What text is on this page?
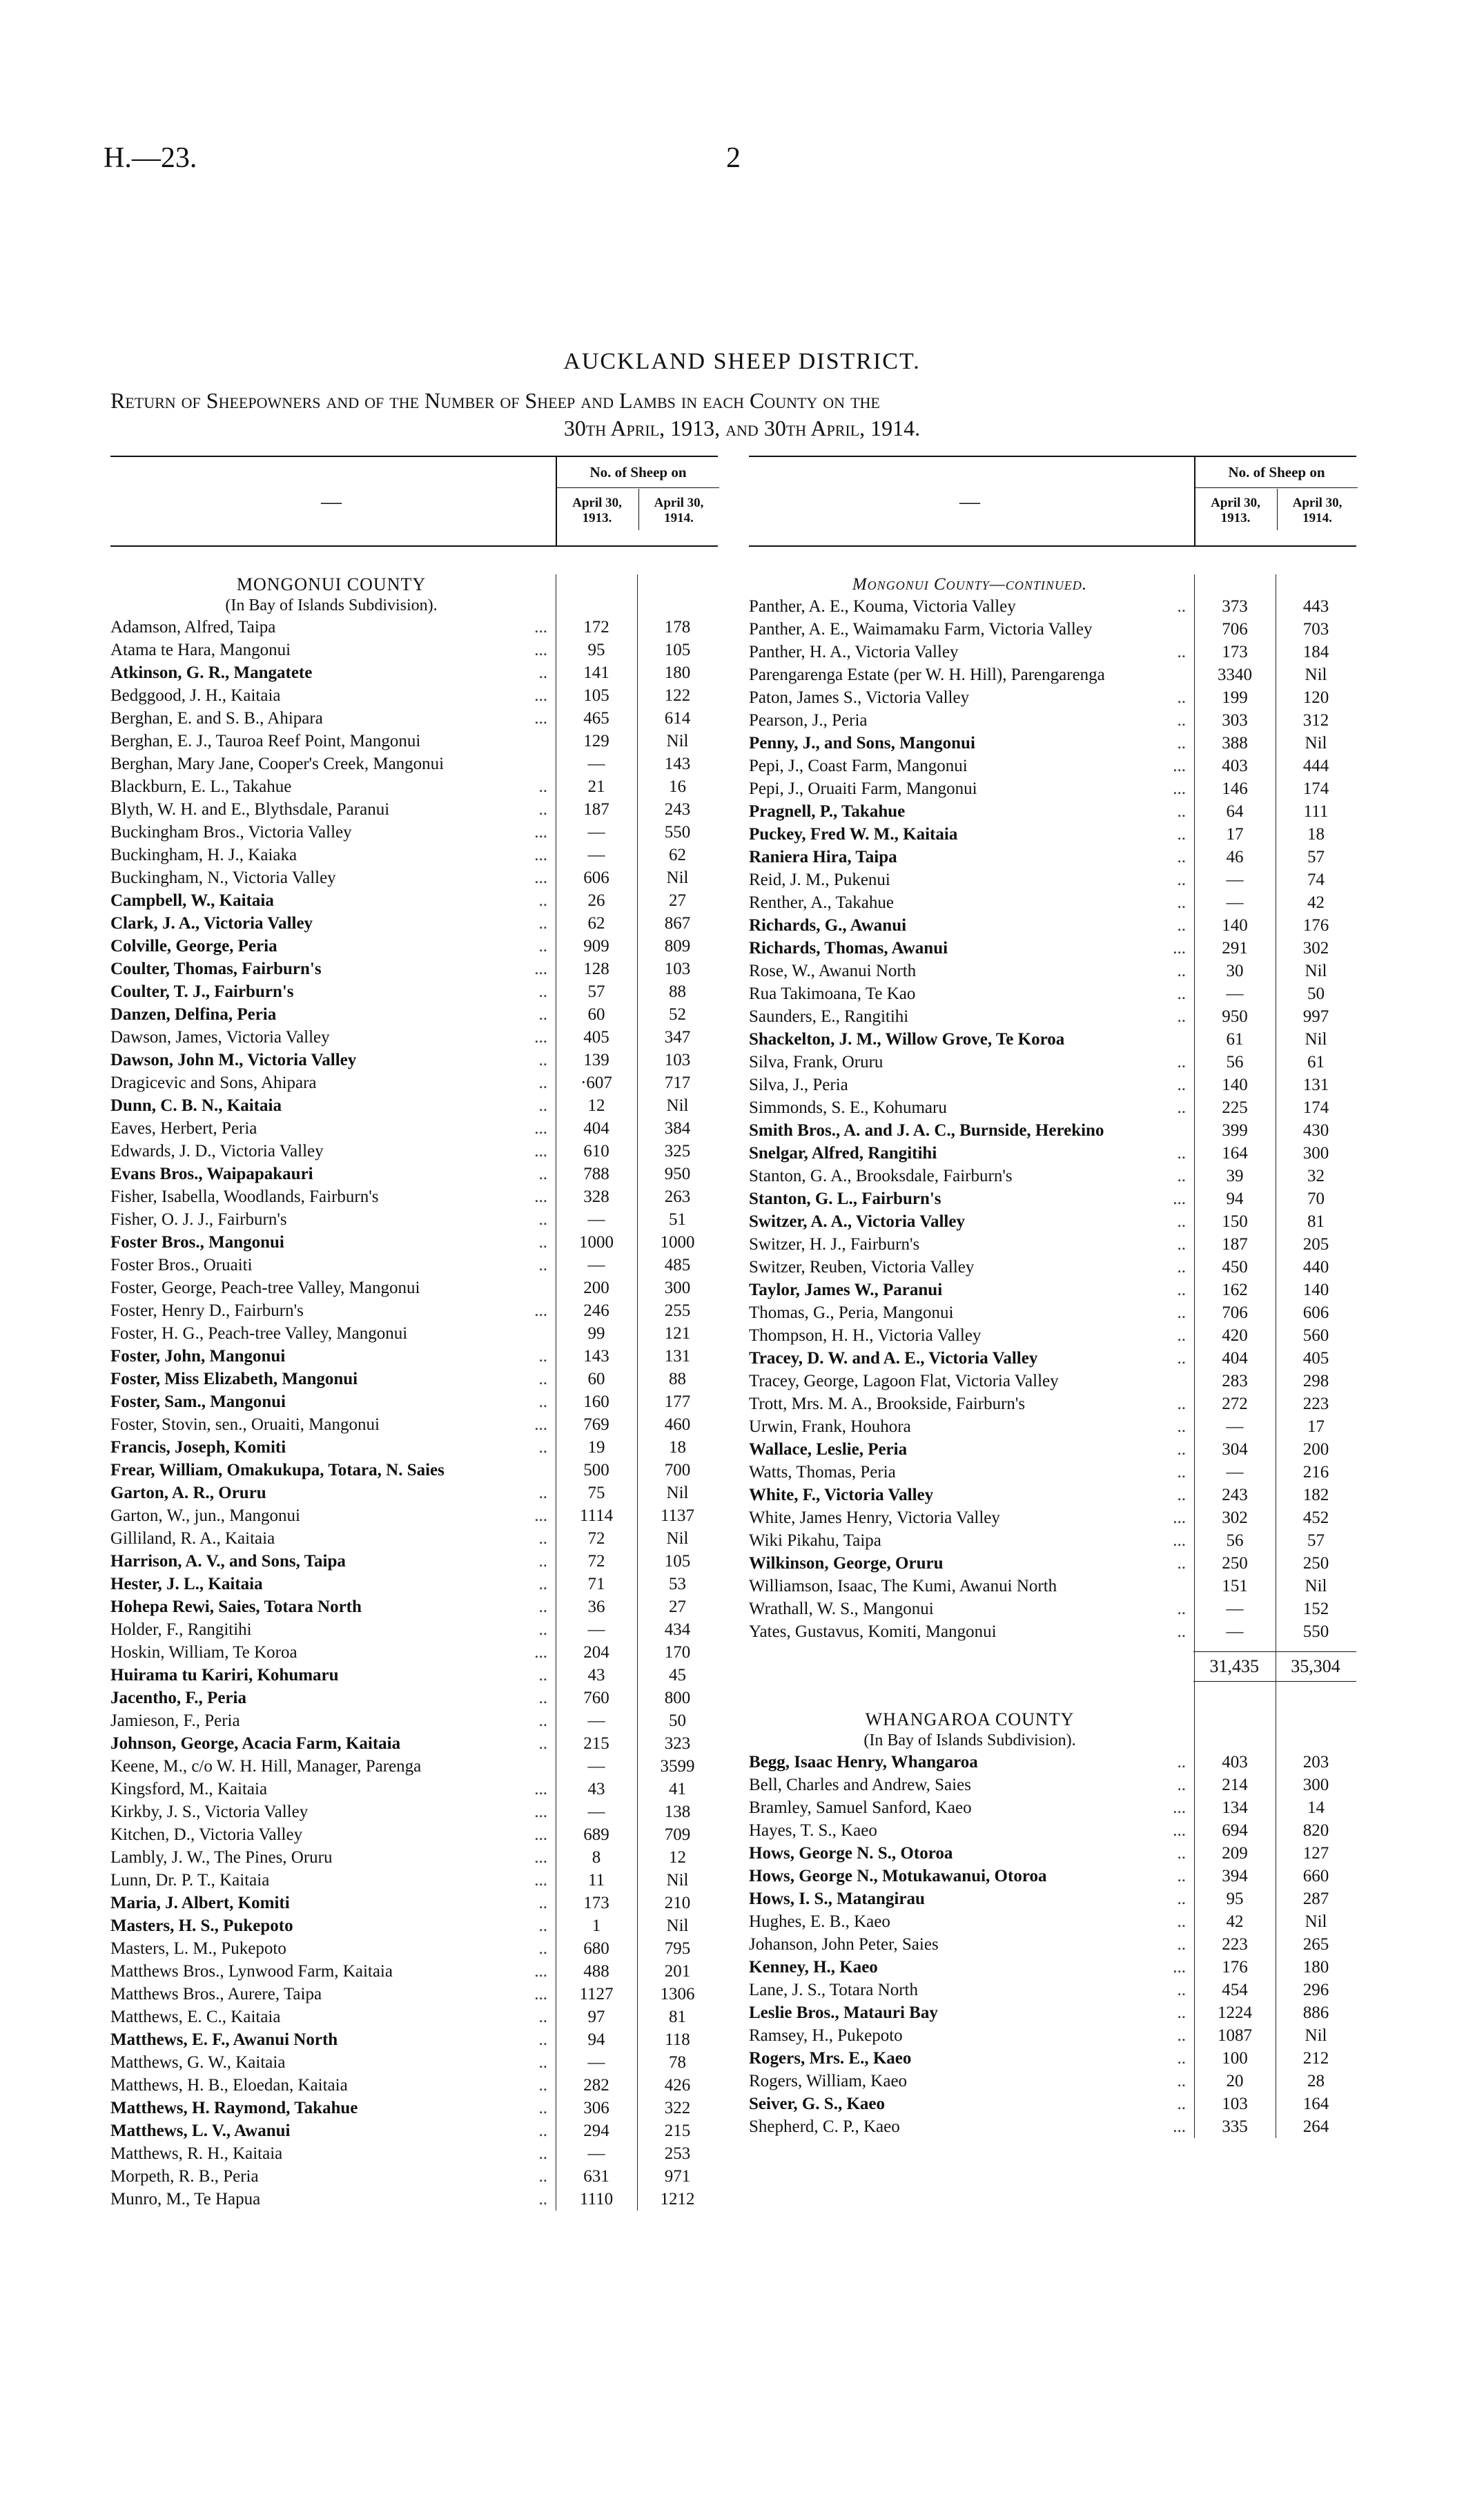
H.—23.	2
AUCKLAND SHEEP DISTRICT.
Return of Sheepowners and of the Number of Sheep and Lambs in each County on the
30th April, 1913, and 30th April, 1914.
—
No. of Sheep on
April 30, 1913.
April 30, 1914.
MONGONUI COUNTY
(In Bay of Islands Subdivision).
Adamson, Alfred, Taipa	...	172	178
Atama te Hara, Mangonui	...	95	105
Atkinson, G. R., Mangatete	..	141	180
Bedggood, J. H., Kaitaia	...	105	122
Berghan, E. and S. B., Ahipara	...	465	614
Berghan, E. J., Tauroa Reef Point, Mangonui	129	Nil
Berghan, Mary Jane, Cooper's Creek, Mangonui	—	143
Blackburn, E. L., Takahue	..	21	16
Blyth, W. H. and E., Blythsdale, Paranui	..	187	243
Buckingham Bros., Victoria Valley	...	—	550
Buckingham, H. J., Kaiaka	...	—	62
Buckingham, N., Victoria Valley	...	606	Nil
Campbell, W., Kaitaia	..	26	27
Clark, J. A., Victoria Valley	..	62	867
Colville, George, Peria	..	909	809
Coulter, Thomas, Fairburn's	...	128	103
Coulter, T. J., Fairburn's	..	57	88
Danzen, Delfina, Peria	..	60	52
Dawson, James, Victoria Valley	...	405	347
Dawson, John M., Victoria Valley	..	139	103
Dragicevic and Sons, Ahipara	..	·607	717
Dunn, C. B. N., Kaitaia	..	12	Nil
Eaves, Herbert, Peria	...	404	384
Edwards, J. D., Victoria Valley	...	610	325
Evans Bros., Waipapakauri	..	788	950
Fisher, Isabella, Woodlands, Fairburn's	...	328	263
Fisher, O. J. J., Fairburn's	..	—	51
Foster Bros., Mangonui	..	1000	1000
Foster Bros., Oruaiti	..	—	485
Foster, George, Peach-tree Valley, Mangonui	200	300
Foster, Henry D., Fairburn's	...	246	255
Foster, H. G., Peach-tree Valley, Mangonui	99	121
Foster, John, Mangonui	..	143	131
Foster, Miss Elizabeth, Mangonui	..	60	88
Foster, Sam., Mangonui	..	160	177
Foster, Stovin, sen., Oruaiti, Mangonui	...	769	460
Francis, Joseph, Komiti	..	19	18
Frear, William, Omakukupa, Totara, N. Saies	500	700
Garton, A. R., Oruru	..	75	Nil
Garton, W., jun., Mangonui	...	1114	1137
Gilliland, R. A., Kaitaia	..	72	Nil
Harrison, A. V., and Sons, Taipa	..	72	105
Hester, J. L., Kaitaia	..	71	53
Hohepa Rewi, Saies, Totara North	..	36	27
Holder, F., Rangitihi	..	—	434
Hoskin, William, Te Koroa	...	204	170
Huirama tu Kariri, Kohumaru	..	43	45
Jacentho, F., Peria	..	760	800
Jamieson, F., Peria	..	—	50
Johnson, George, Acacia Farm, Kaitaia	..	215	323
Keene, M., c/o W. H. Hill, Manager, Parenga	—	3599
Kingsford, M., Kaitaia	...	43	41
Kirkby, J. S., Victoria Valley	...	—	138
Kitchen, D., Victoria Valley	...	689	709
Lambly, J. W., The Pines, Oruru	...	8	12
Lunn, Dr. P. T., Kaitaia	...	11	Nil
Maria, J. Albert, Komiti	..	173	210
Masters, H. S., Pukepoto	..	1	Nil
Masters, L. M., Pukepoto	..	680	795
Matthews Bros., Lynwood Farm, Kaitaia	...	488	201
Matthews Bros., Aurere, Taipa	...	1127	1306
Matthews, E. C., Kaitaia	..	97	81
Matthews, E. F., Awanui North	..	94	118
Matthews, G. W., Kaitaia	..	—	78
Matthews, H. B., Eloedan, Kaitaia	..	282	426
Matthews, H. Raymond, Takahue	..	306	322
Matthews, L. V., Awanui	..	294	215
Matthews, R. H., Kaitaia	..	—	253
Morpeth, R. B., Peria	..	631	971
Munro, M., Te Hapua	..	1110	1212
—
No. of Sheep on
April 30, 1913.
April 30, 1914.
Mongonui County—continued.
Panther, A. E., Kouma, Victoria Valley	..	373	443
Panther, A. E., Waimamaku Farm, Victoria Valley	706	703
Panther, H. A., Victoria Valley	..	173	184
Parengarenga Estate (per W. H. Hill), Parengarenga	3340	Nil
Paton, James S., Victoria Valley	..	199	120
Pearson, J., Peria	..	303	312
Penny, J., and Sons, Mangonui	..	388	Nil
Pepi, J., Coast Farm, Mangonui	...	403	444
Pepi, J., Oruaiti Farm, Mangonui	...	146	174
Pragnell, P., Takahue	..	64	111
Puckey, Fred W. M., Kaitaia	..	17	18
Raniera Hira, Taipa	..	46	57
Reid, J. M., Pukenui	..	—	74
Renther, A., Takahue	..	—	42
Richards, G., Awanui	..	140	176
Richards, Thomas, Awanui	...	291	302
Rose, W., Awanui North	..	30	Nil
Rua Takimoana, Te Kao	..	—	50
Saunders, E., Rangitihi	..	950	997
Shackelton, J. M., Willow Grove, Te Koroa	61	Nil
Silva, Frank, Oruru	..	56	61
Silva, J., Peria	..	140	131
Simmonds, S. E., Kohumaru	..	225	174
Smith Bros., A. and J. A. C., Burnside, Herekino	399	430
Snelgar, Alfred, Rangitihi	..	164	300
Stanton, G. A., Brooksdale, Fairburn's	..	39	32
Stanton, G. L., Fairburn's	...	94	70
Switzer, A. A., Victoria Valley	..	150	81
Switzer, H. J., Fairburn's	..	187	205
Switzer, Reuben, Victoria Valley	..	450	440
Taylor, James W., Paranui	..	162	140
Thomas, G., Peria, Mangonui	..	706	606
Thompson, H. H., Victoria Valley	..	420	560
Tracey, D. W. and A. E., Victoria Valley	..	404	405
Tracey, George, Lagoon Flat, Victoria Valley	283	298
Trott, Mrs. M. A., Brookside, Fairburn's	..	272	223
Urwin, Frank, Houhora	..	—	17
Wallace, Leslie, Peria	..	304	200
Watts, Thomas, Peria	..	—	216
White, F., Victoria Valley	..	243	182
White, James Henry, Victoria Valley	...	302	452
Wiki Pikahu, Taipa	...	56	57
Wilkinson, George, Oruru	..	250	250
Williamson, Isaac, The Kumi, Awanui North	151	Nil
Wrathall, W. S., Mangonui	..	—	152
Yates, Gustavus, Komiti, Mangonui	..	—	550
31,435	35,304
WHANGAROA COUNTY
(In Bay of Islands Subdivision).
Begg, Isaac Henry, Whangaroa	..	403	203
Bell, Charles and Andrew, Saies	..	214	300
Bramley, Samuel Sanford, Kaeo	...	134	14
Hayes, T. S., Kaeo	...	694	820
Hows, George N. S., Otoroa	..	209	127
Hows, George N., Motukawanui, Otoroa	..	394	660
Hows, I. S., Matangirau	..	95	287
Hughes, E. B., Kaeo	..	42	Nil
Johanson, John Peter, Saies	..	223	265
Kenney, H., Kaeo	...	176	180
Lane, J. S., Totara North	..	454	296
Leslie Bros., Matauri Bay	..	1224	886
Ramsey, H., Pukepoto	..	1087	Nil
Rogers, Mrs. E., Kaeo	..	100	212
Rogers, William, Kaeo	..	20	28
Seiver, G. S., Kaeo	..	103	164
Shepherd, C. P., Kaeo	...	335	264
